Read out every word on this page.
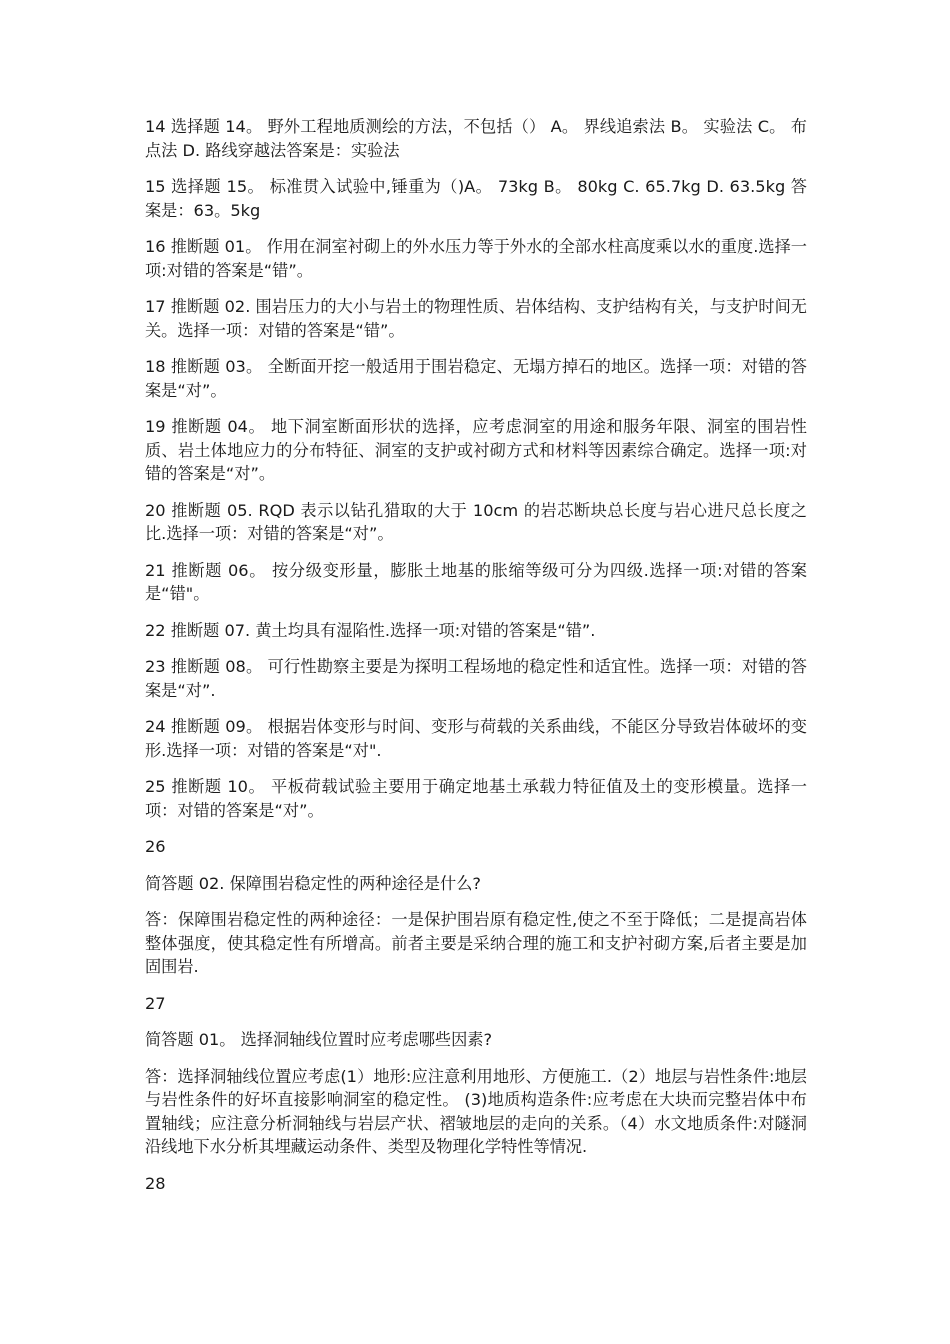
14 选择题 14。 野外工程地质测绘的方法，不包括（） A。 界线追索法 B。 实验法 C。 布点法 D. 路线穿越法答案是：实验法

15 选择题 15。 标准贯入试验中,锤重为（)A。 73kg B。 80kg C. 65.7kg D. 63.5kg 答案是：63。5kg

16 推断题 01。 作用在洞室衬砌上的外水压力等于外水的全部水柱高度乘以水的重度.选择一项:对错的答案是“错”。

17 推断题 02. 围岩压力的大小与岩土的物理性质、岩体结构、支护结构有关，与支护时间无关。选择一项：对错的答案是“错”。

18 推断题 03。 全断面开挖一般适用于围岩稳定、无塌方掉石的地区。选择一项：对错的答案是“对”。

19 推断题 04。 地下洞室断面形状的选择，应考虑洞室的用途和服务年限、洞室的围岩性质、岩土体地应力的分布特征、洞室的支护或衬砌方式和材料等因素综合确定。选择一项:对错的答案是“对”。

20 推断题 05. RQD 表示以钻孔猎取的大于 10cm 的岩芯断块总长度与岩心进尺总长度之比.选择一项：对错的答案是“对”。

21 推断题 06。 按分级变形量，膨胀土地基的胀缩等级可分为四级.选择一项:对错的答案是“错"。

22 推断题 07. 黄土均具有湿陷性.选择一项:对错的答案是“错”.

23 推断题 08。 可行性勘察主要是为探明工程场地的稳定性和适宜性。选择一项：对错的答案是“对”.

24 推断题 09。 根据岩体变形与时间、变形与荷载的关系曲线，不能区分导致岩体破坏的变形.选择一项：对错的答案是“对".

25 推断题 10。 平板荷载试验主要用于确定地基土承载力特征值及土的变形模量。选择一项：对错的答案是“对”。

26

简答题 02. 保障围岩稳定性的两种途径是什么?

答：保障围岩稳定性的两种途径：一是保护围岩原有稳定性,使之不至于降低；二是提高岩体整体强度，使其稳定性有所增高。前者主要是采纳合理的施工和支护衬砌方案,后者主要是加固围岩.

27

简答题 01。 选择洞轴线位置时应考虑哪些因素?

答：选择洞轴线位置应考虑(1）地形:应注意利用地形、方便施工.（2）地层与岩性条件:地层与岩性条件的好坏直接影响洞室的稳定性。 (3)地质构造条件:应考虑在大块而完整岩体中布置轴线；应注意分析洞轴线与岩层产状、褶皱地层的走向的关系。（4）水文地质条件:对隧洞沿线地下水分析其埋藏运动条件、类型及物理化学特性等情况.

28
